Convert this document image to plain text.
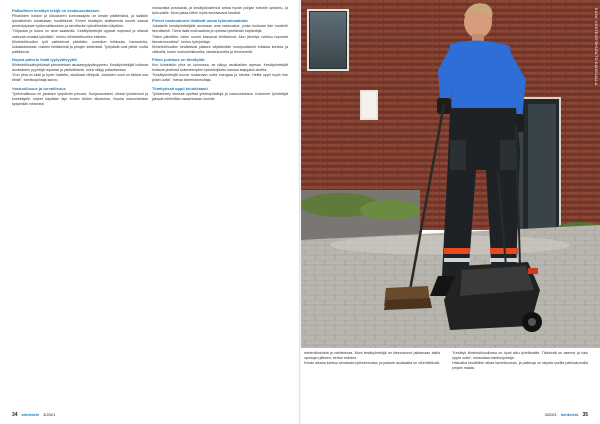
Palkallinen kesätyö tekijä on kesäsuosituksen

Pihatöiden hoidon ja ulkoalueen kunnossapito on kesän päätehtävä, ja kaikkiin työvaiheisiin tutustutaan huolellisesti. Ennen kesätyön aloittamista nuoret saavat perehdytyksen työturvallisuuteen ja tarvittavien työvälineiden käyttöön.

"Ohjausta ja tukea on aina saatavilla. Kesätyöntekijät oppivat nopeasti ja ottavat vastuuta omasta työstään", kertoo kiinteistöhuollon esimies.

Kiinteistöhuollon työt vaihtelevat päivittäin: nurmikon leikkuuta, haravointia, kukkaistutuksia, roskien keräämistä ja pihojen siistimistä. Työpäivät ovat pitkiä, mutta palkitsevia.

Nopea palvelu lisää tyytyväisyyttä

Kiinteistöhuoltoyhtiössä panostetaan asukastyytyväisyyteen. Kesätyöntekijät hoitavat asukkaiden pyyntöjä nopeasti ja ystävällisesti, mikä näkyy palautteessa.

"Kun piha on siisti ja hyvin hoidettu, asukkaat viihtyvät. Jokainen nuori on tärkeä osa tiimiä", toimitusjohtaja sanoo.

Vastuullisuus ja turvallisuus

Työturvallisuus on jokaisen työpäivän perusta. Suojavarusteet, oikeat työasennot ja konekäytön ohjeet käydään läpi ennen töiden alkamista. Nuoria kannustetaan kysymään rohkeasti.

mukavasta porukasta, ja kesätyökokemus antaa hyvän pohjan tuleville opiskelu- ja työvuosille. Moni palaa töihin myös seuraavana kesänä.

Pienet vastuualueet lisäävät omaa työmotivaatiota

Jokaiselle kesätyöntekijälle annetaan oma vastuualue, jonka hoidosta hän huolehtii itsenäisesti. Tämä lisää motivaatiota ja opettaa työelämän käytäntöjä.

"Näen päivittäin, miten nuoret kasvavat tehtäviinsä. Alun jännitys vaihtuu nopeasti itsevarmuudeksi", kertoo työnjohtaja.

Kiinteistöhuollon kesätöissä pääsee käyttämään monipuolisesti erilaisia koneita ja välineitä, kuten ruohonleikkureita, lakaisukoneita ja trimmereitä.

Pihan puhtaus on tiimityötä

Kun kiinteistön piha on kunnossa, se näkyy asukkaiden arjessa. Kesätyöntekijät hoitavat yhdessä kokeneempien työntekijöiden kanssa laajojakin alueita.

"Kesätyöntekijät tuovat mukanaan uutta energiaa ja ideoita. Heiltä oppii myös itse jotain uutta", toteaa kiinteistönhoitaja.

Tiimityössä oppii tehokkaasti

Työskentely tiimissä opettaa yhteistyötaitoja ja vastuunkantoa. Kokeneet työntekijät jakavat mielellään osaamistaan nuorille.

34 kiinteistö 3/2021
KUVA: KIINTEISTÖHUOLTO KAIKKIALLA

mielenkiintoista ja vaihtelevaa. Moni kesätyöntekijä on kiinnostunut jatkamaan alalla opintojen jälkeen, kertoo esimies.

Kesän aikana karttuu arvokasta työkokemusta, ja palaute asukkailta on ollut kiittävää.

"Kesätyö kiinteistöhuollossa on hyvä alku työelämälle. Tärkeintä on asenne ja halu oppia uutta", muistuttaa toimitusjohtaja.

Hakuaika kesätöihin alkaa tammikuussa, ja paikkoja on tarjolla useilla paikkakunnilla ympäri maata.

3/2021 kiinteistö 35
